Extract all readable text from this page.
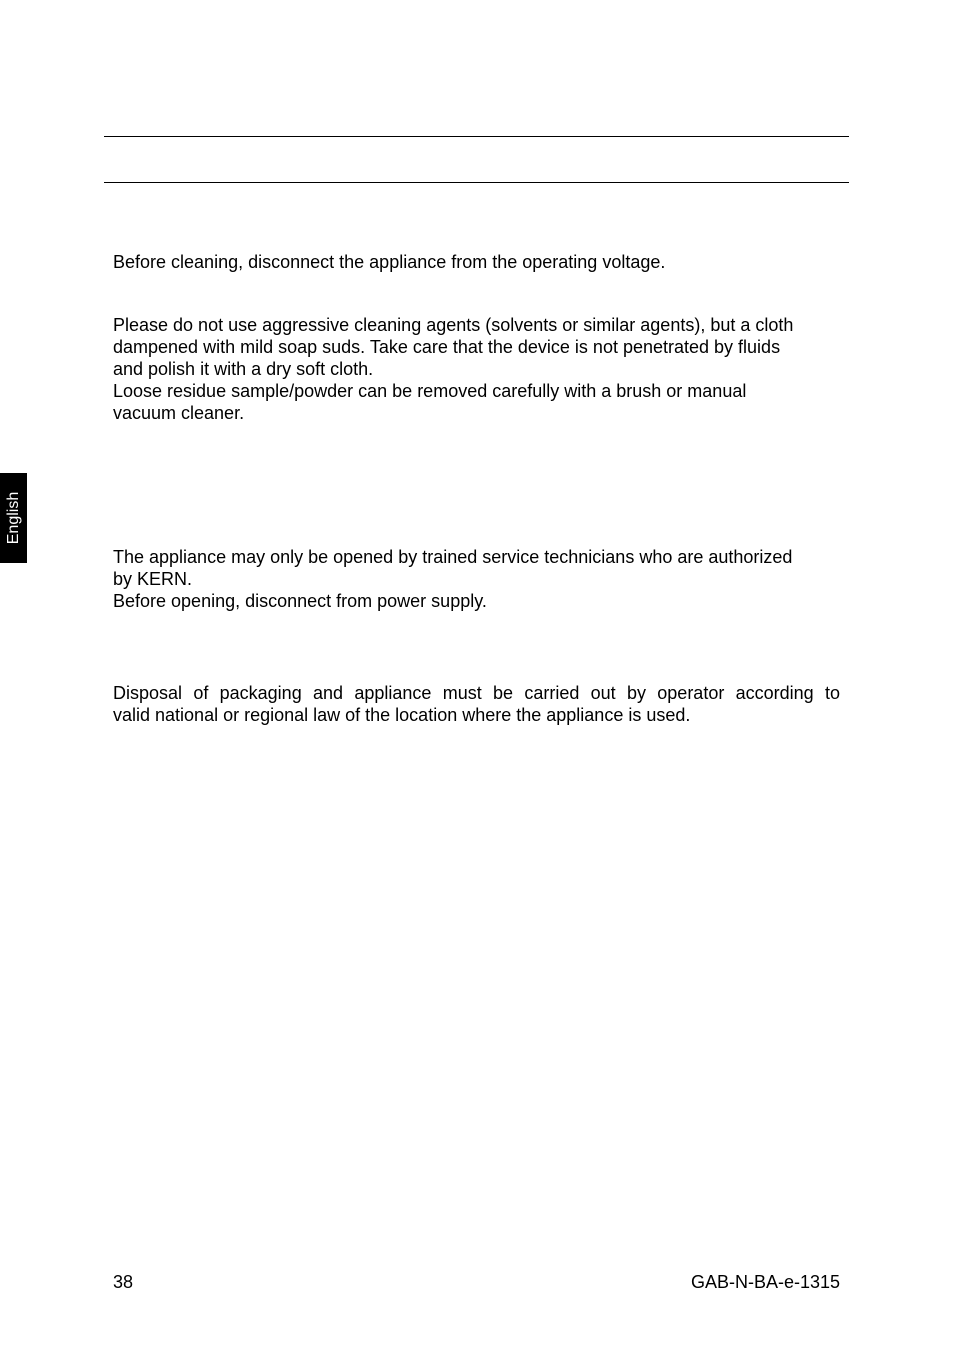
English

Before cleaning, disconnect the appliance from the operating voltage.

Please do not use aggressive cleaning agents (solvents or similar agents), but a cloth
dampened with mild soap suds. Take care that the device is not penetrated by fluids
and polish it with a dry soft cloth.
Loose residue sample/powder can be removed carefully with a brush or manual
vacuum cleaner.

The appliance may only be opened by trained service technicians who are authorized
by KERN.
Before opening, disconnect from power supply.

Disposal of packaging and appliance must be carried out by operator according to
valid national or regional law of the location where the appliance is used.

38	GAB-N-BA-e-1315
